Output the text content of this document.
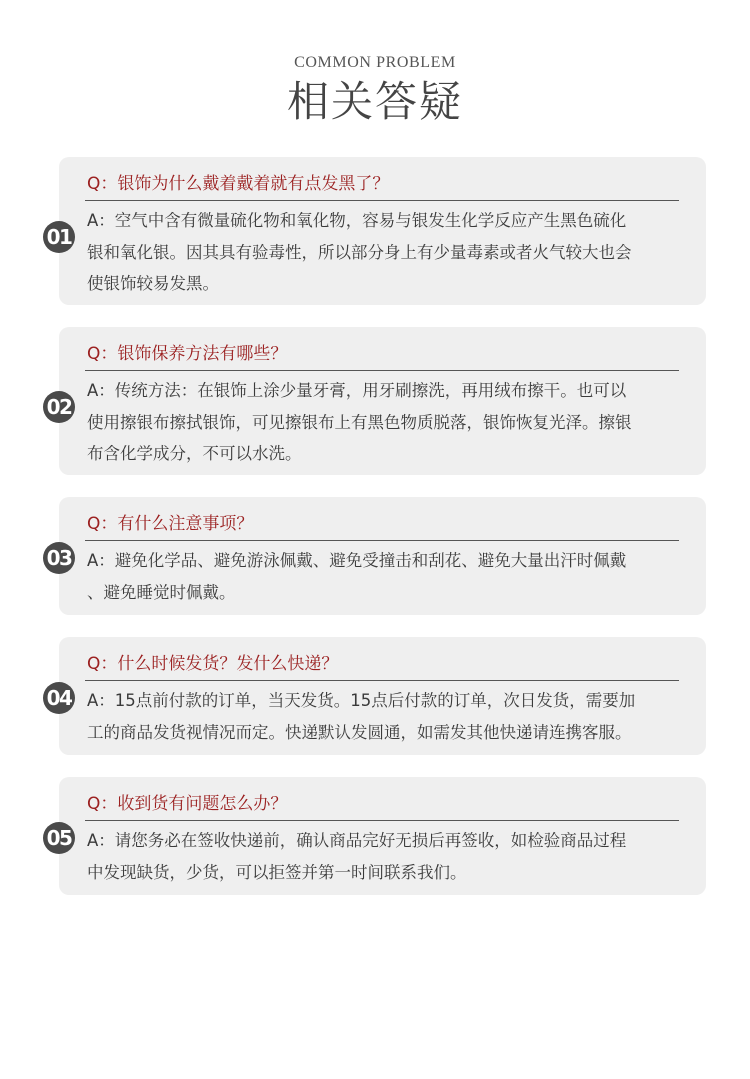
COMMON PROBLEM
相关答疑
01
Q：银饰为什么戴着戴着就有点发黑了？
A：空气中含有微量硫化物和氧化物，容易与银发生化学反应产生黑色硫化
银和氧化银。因其具有验毒性，所以部分身上有少量毒素或者火气较大也会
使银饰较易发黑。
02
Q：银饰保养方法有哪些？
A：传统方法：在银饰上涂少量牙膏，用牙刷擦洗，再用绒布擦干。也可以
使用擦银布擦拭银饰，可见擦银布上有黑色物质脱落，银饰恢复光泽。擦银
布含化学成分，不可以水洗。
03
Q：有什么注意事项？
A：避免化学品、避免游泳佩戴、避免受撞击和刮花、避免大量出汗时佩戴
、避免睡觉时佩戴。
04
Q：什么时候发货？发什么快递？
A：15点前付款的订单，当天发货。15点后付款的订单，次日发货，需要加
工的商品发货视情况而定。快递默认发圆通，如需发其他快递请连携客服。
05
Q：收到货有问题怎么办？
A：请您务必在签收快递前，确认商品完好无损后再签收，如检验商品过程
中发现缺货，少货，可以拒签并第一时间联系我们。
